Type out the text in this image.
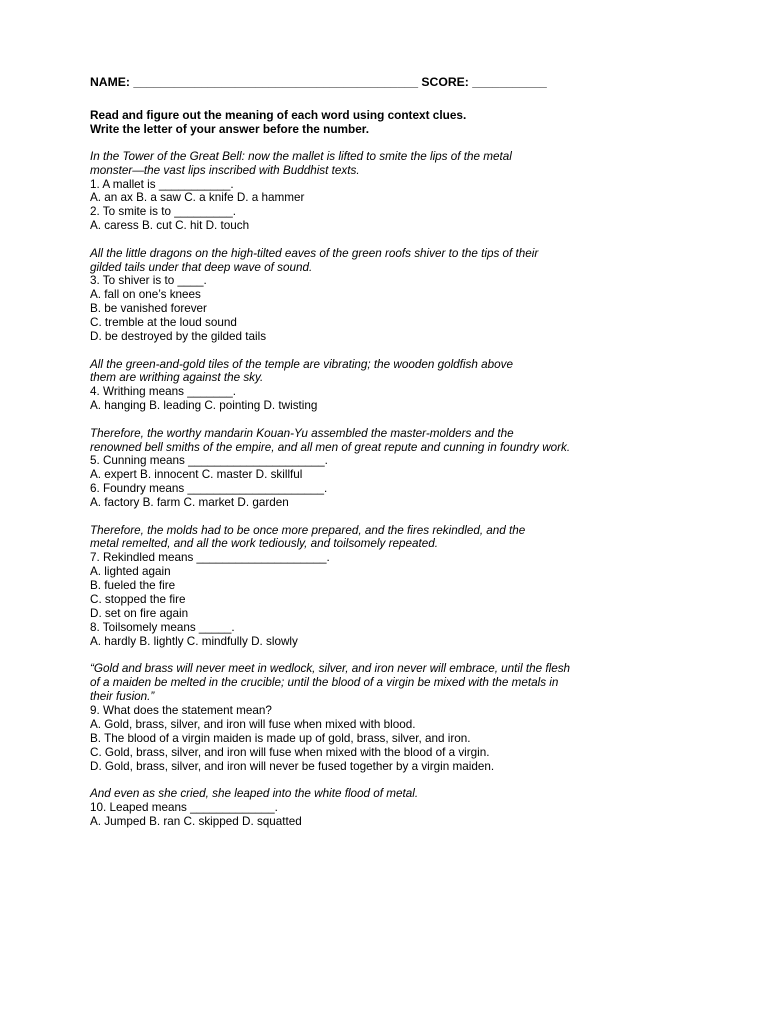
NAME: __________________________________________ SCORE: ___________
Read and figure out the meaning of each word using context clues.
Write the letter of your answer before the number.
In the Tower of the Great Bell: now the mallet is lifted to smite the lips of the metal
monster—the vast lips inscribed with Buddhist texts.
1. A mallet is ___________.
A. an ax B. a saw C. a knife D. a hammer
2. To smite is to _________.
A. caress B. cut C. hit D. touch
All the little dragons on the high-tilted eaves of the green roofs shiver to the tips of their
gilded tails under that deep wave of sound.
3. To shiver is to ____.
A. fall on one’s knees
B. be vanished forever
C. tremble at the loud sound
D. be destroyed by the gilded tails
All the green-and-gold tiles of the temple are vibrating; the wooden goldfish above
them are writhing against the sky.
4. Writhing means _______.
A. hanging B. leading C. pointing D. twisting
Therefore, the worthy mandarin Kouan-Yu assembled the master-molders and the
renowned bell smiths of the empire, and all men of great repute and cunning in foundry work.
5. Cunning means _____________________.
A. expert B. innocent C. master D. skillful
6. Foundry means _____________________.
A. factory B. farm C. market D. garden
Therefore, the molds had to be once more prepared, and the fires rekindled, and the
metal remelted, and all the work tediously, and toilsomely repeated.
7. Rekindled means ____________________.
A. lighted again
B. fueled the fire
C. stopped the fire
D. set on fire again
8. Toilsomely means _____.
A. hardly B. lightly C. mindfully D. slowly
“Gold and brass will never meet in wedlock, silver, and iron never will embrace, until the flesh
of a maiden be melted in the crucible; until the blood of a virgin be mixed with the metals in
their fusion.”
9. What does the statement mean?
A. Gold, brass, silver, and iron will fuse when mixed with blood.
B. The blood of a virgin maiden is made up of gold, brass, silver, and iron.
C. Gold, brass, silver, and iron will fuse when mixed with the blood of a virgin.
D. Gold, brass, silver, and iron will never be fused together by a virgin maiden.
And even as she cried, she leaped into the white flood of metal.
10. Leaped means _____________.
A. Jumped B. ran C. skipped D. squatted
